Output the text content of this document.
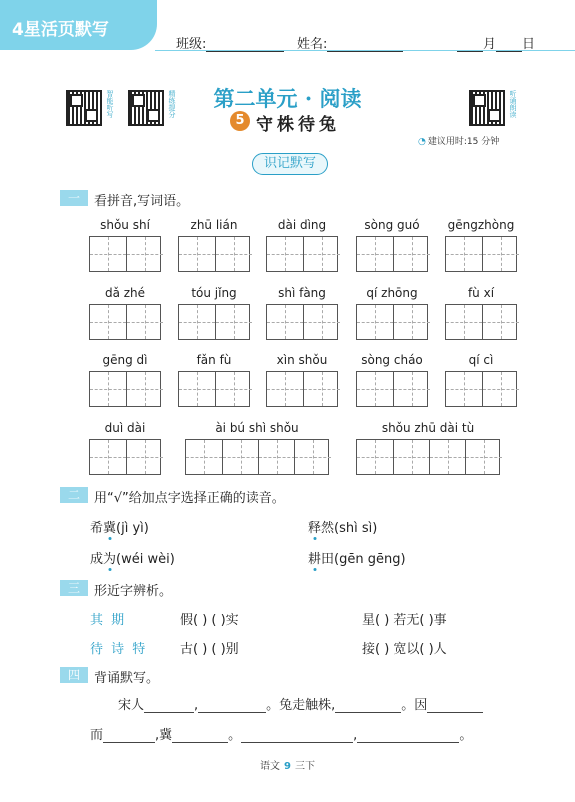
4星活页默写
班级:	姓名:	月 日
智能听写	精练提分	听诵朗读
第二单元 · 阅读
5 守株待兔
◔ 建议用时:15 分钟
识记默写
一	看拼音,写词语。
shǒu shí	zhū lián	dài dìng	sòng guó	gēngzhòng
dǎ zhé	tóu jǐng	shì fàng	qí zhōng	fù xí
gēng dì	fǎn fù	xìn shǒu	sòng cháo	qí cì
duì dài	ài bú shì shǒu	shǒu zhū dài tù
二	用“√”给加点字选择正确的读音。
希冀(jì yì)	释然(shì sì)
成为(wéi wèi)	耕田(gēn gēng)
三	形近字辨析。
其 期	假( ) ( )实	星( ) 若无( )事
待 诗 特	古( ) ( )别	接( ) 宽以( )人
四	背诵默写。
宋人	,	。兔走触株,	。因
而	,冀	。	,	。
语文 9 三下
